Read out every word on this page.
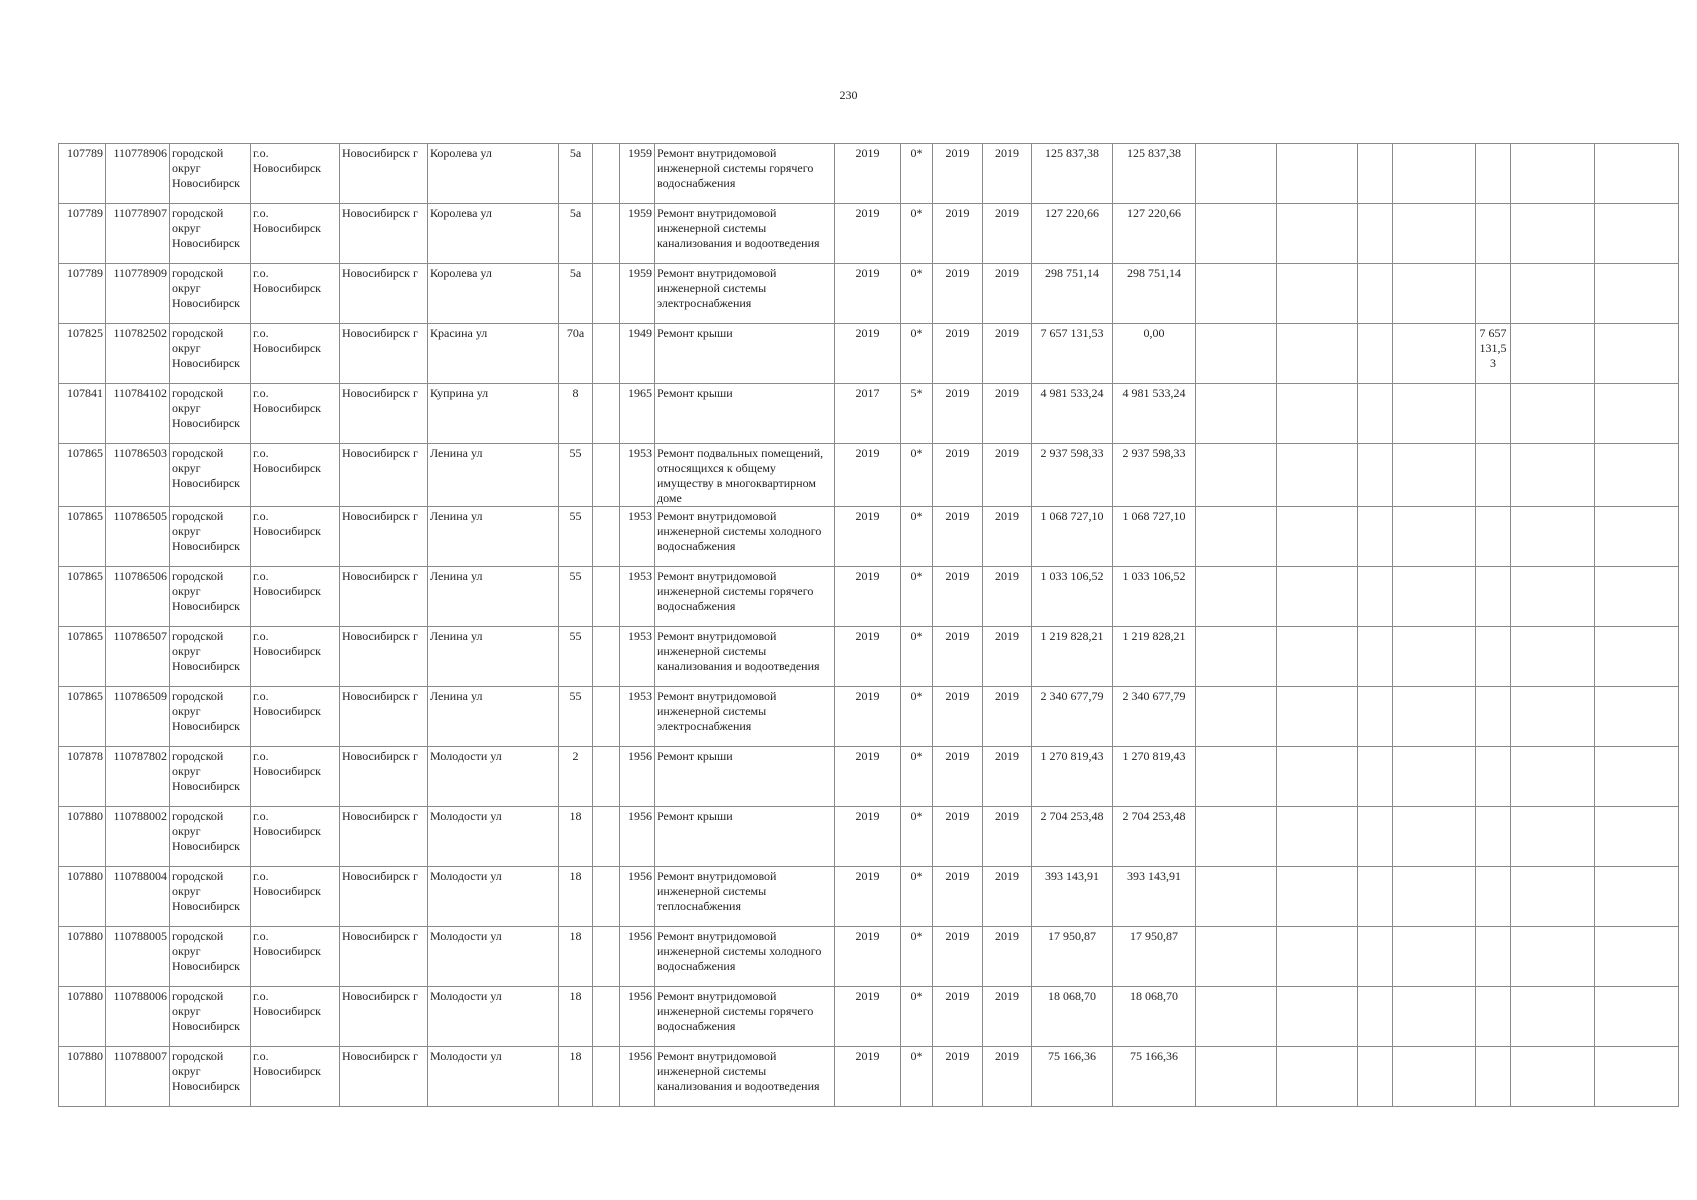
230
107789	110778906	городской округ Новосибирск	г.о. Новосибирск	Новосибирск г	Королева ул	5а		1959	Ремонт внутридомовой инженерной системы горячего водоснабжения	2019	0*	2019	2019	125 837,38	125 837,38							
107789	110778907	городской округ Новосибирск	г.о. Новосибирск	Новосибирск г	Королева ул	5а		1959	Ремонт внутридомовой инженерной системы канализования и водоотведения	2019	0*	2019	2019	127 220,66	127 220,66							
107789	110778909	городской округ Новосибирск	г.о. Новосибирск	Новосибирск г	Королева ул	5а		1959	Ремонт внутридомовой инженерной системы электроснабжения	2019	0*	2019	2019	298 751,14	298 751,14							
107825	110782502	городской округ Новосибирск	г.о. Новосибирск	Новосибирск г	Красина ул	70а		1949	Ремонт крыши	2019	0*	2019	2019	7 657 131,53	0,00					7 657 131,53		
107841	110784102	городской округ Новосибирск	г.о. Новосибирск	Новосибирск г	Куприна ул	8		1965	Ремонт крыши	2017	5*	2019	2019	4 981 533,24	4 981 533,24							
107865	110786503	городской округ Новосибирск	г.о. Новосибирск	Новосибирск г	Ленина ул	55		1953	Ремонт подвальных помещений, относящихся к общему имуществу в многоквартирном доме	2019	0*	2019	2019	2 937 598,33	2 937 598,33							
107865	110786505	городской округ Новосибирск	г.о. Новосибирск	Новосибирск г	Ленина ул	55		1953	Ремонт внутридомовой инженерной системы холодного водоснабжения	2019	0*	2019	2019	1 068 727,10	1 068 727,10							
107865	110786506	городской округ Новосибирск	г.о. Новосибирск	Новосибирск г	Ленина ул	55		1953	Ремонт внутридомовой инженерной системы горячего водоснабжения	2019	0*	2019	2019	1 033 106,52	1 033 106,52							
107865	110786507	городской округ Новосибирск	г.о. Новосибирск	Новосибирск г	Ленина ул	55		1953	Ремонт внутридомовой инженерной системы канализования и водоотведения	2019	0*	2019	2019	1 219 828,21	1 219 828,21							
107865	110786509	городской округ Новосибирск	г.о. Новосибирск	Новосибирск г	Ленина ул	55		1953	Ремонт внутридомовой инженерной системы электроснабжения	2019	0*	2019	2019	2 340 677,79	2 340 677,79							
107878	110787802	городской округ Новосибирск	г.о. Новосибирск	Новосибирск г	Молодости ул	2		1956	Ремонт крыши	2019	0*	2019	2019	1 270 819,43	1 270 819,43							
107880	110788002	городской округ Новосибирск	г.о. Новосибирск	Новосибирск г	Молодости ул	18		1956	Ремонт крыши	2019	0*	2019	2019	2 704 253,48	2 704 253,48							
107880	110788004	городской округ Новосибирск	г.о. Новосибирск	Новосибирск г	Молодости ул	18		1956	Ремонт внутридомовой инженерной системы теплоснабжения	2019	0*	2019	2019	393 143,91	393 143,91							
107880	110788005	городской округ Новосибирск	г.о. Новосибирск	Новосибирск г	Молодости ул	18		1956	Ремонт внутридомовой инженерной системы холодного водоснабжения	2019	0*	2019	2019	17 950,87	17 950,87							
107880	110788006	городской округ Новосибирск	г.о. Новосибирск	Новосибирск г	Молодости ул	18		1956	Ремонт внутридомовой инженерной системы горячего водоснабжения	2019	0*	2019	2019	18 068,70	18 068,70							
107880	110788007	городской округ Новосибирск	г.о. Новосибирск	Новосибирск г	Молодости ул	18		1956	Ремонт внутридомовой инженерной системы канализования и водоотведения	2019	0*	2019	2019	75 166,36	75 166,36							
